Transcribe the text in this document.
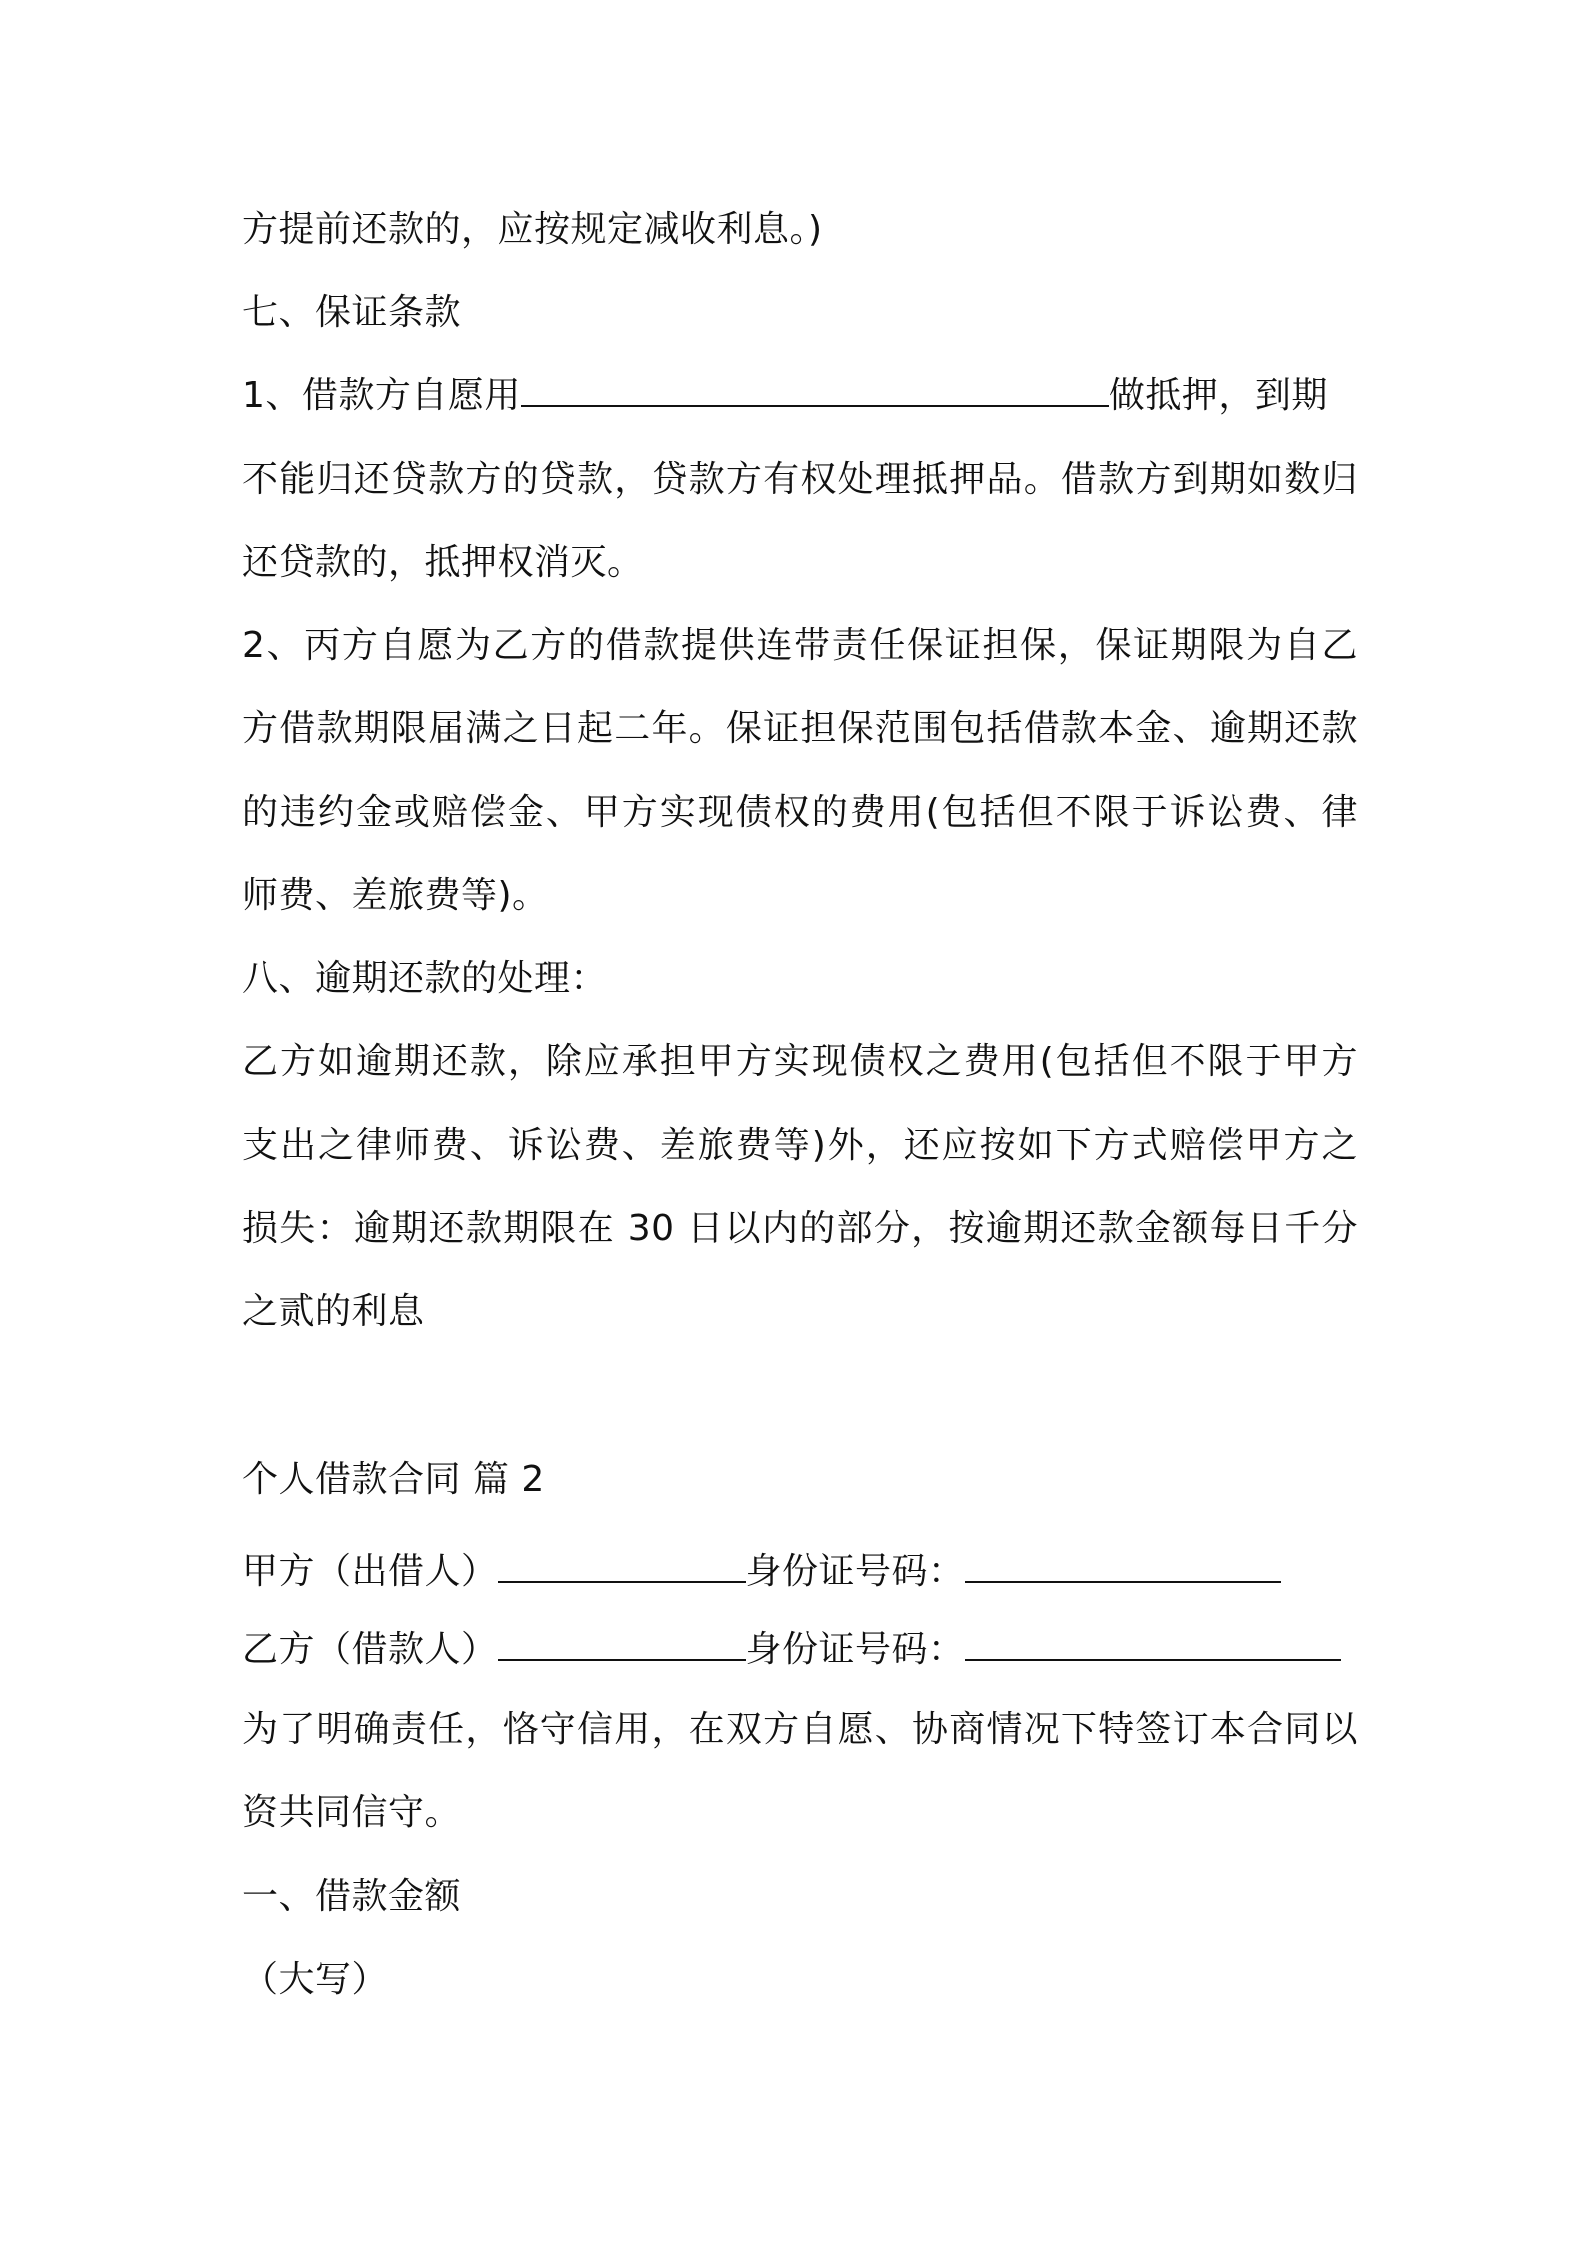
方提前还款的，应按规定减收利息。)
七、保证条款
1、借款方自愿用	做抵押，到期
不能归还贷款方的贷款，贷款方有权处理抵押品。借款方到期如数归
还贷款的，抵押权消灭。
2、丙方自愿为乙方的借款提供连带责任保证担保，保证期限为自乙
方借款期限届满之日起二年。保证担保范围包括借款本金、逾期还款
的违约金或赔偿金、甲方实现债权的费用(包括但不限于诉讼费、律
师费、差旅费等)。
八、逾期还款的处理：
乙方如逾期还款，除应承担甲方实现债权之费用(包括但不限于甲方
支出之律师费、诉讼费、差旅费等)外，还应按如下方式赔偿甲方之
损失：逾期还款期限在 30 日以内的部分，按逾期还款金额每日千分
之贰的利息
个人借款合同 篇 2
甲方（出借人）	身份证号码：
乙方（借款人）	身份证号码：
为了明确责任，恪守信用，在双方自愿、协商情况下特签订本合同以
资共同信守。
一、借款金额
（大写）
